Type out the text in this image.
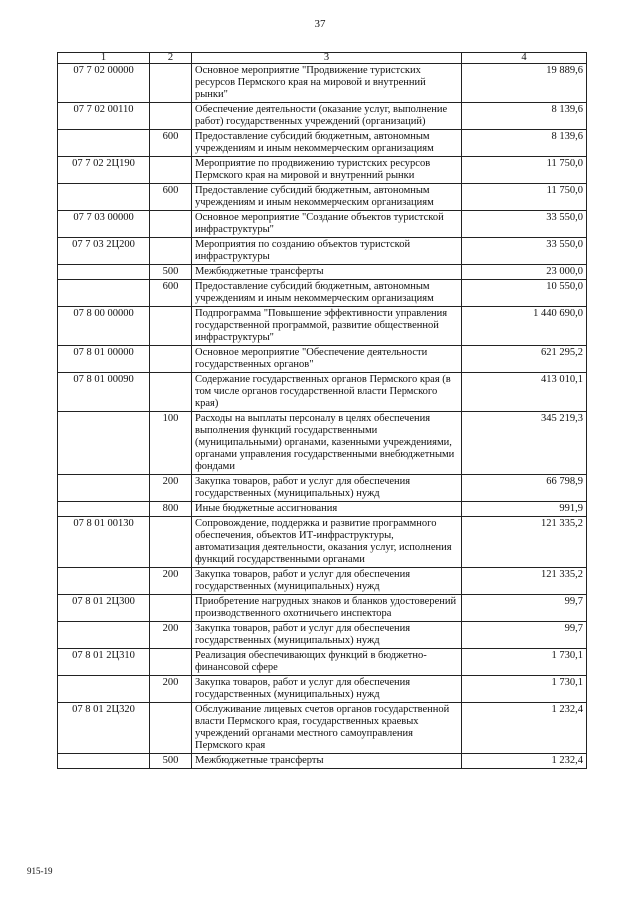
37
1	2	3	4
07 7 02 00000		Основное мероприятие "Продвижение туристских ресурсов Пермского края на мировой и внутренний рынки"	19 889,6
07 7 02 00110		Обеспечение деятельности (оказание услуг, выполнение работ) государственных учреждений (организаций)	8 139,6
	600	Предоставление субсидий бюджетным, автономным учреждениям и иным некоммерческим организациям	8 139,6
07 7 02 2Ц190		Мероприятие по продвижению туристских ресурсов Пермского края на мировой и внутренний рынки	11 750,0
	600	Предоставление субсидий бюджетным, автономным учреждениям и иным некоммерческим организациям	11 750,0
07 7 03 00000		Основное мероприятие "Создание объектов туристской инфраструктуры"	33 550,0
07 7 03 2Ц200		Мероприятия по созданию объектов туристской инфраструктуры	33 550,0
	500	Межбюджетные трансферты	23 000,0
	600	Предоставление субсидий бюджетным, автономным учреждениям и иным некоммерческим организациям	10 550,0
07 8 00 00000		Подпрограмма "Повышение эффективности управления государственной программой, развитие общественной инфраструктуры"	1 440 690,0
07 8 01 00000		Основное мероприятие "Обеспечение деятельности государственных органов"	621 295,2
07 8 01 00090		Содержание государственных органов Пермского края (в том числе органов государственной власти Пермского края)	413 010,1
	100	Расходы на выплаты персоналу в целях обеспечения выполнения функций государственными (муниципальными) органами, казенными учреждениями, органами управления государственными внебюджетными фондами	345 219,3
	200	Закупка товаров, работ и услуг для обеспечения государственных (муниципальных) нужд	66 798,9
	800	Иные бюджетные ассигнования	991,9
07 8 01 00130		Сопровождение, поддержка и развитие программного обеспечения, объектов ИТ-инфраструктуры, автоматизация деятельности, оказания услуг, исполнения функций государственными органами	121 335,2
	200	Закупка товаров, работ и услуг для обеспечения государственных (муниципальных) нужд	121 335,2
07 8 01 2Ц300		Приобретение нагрудных знаков и бланков удостоверений производственного охотничьего инспектора	99,7
	200	Закупка товаров, работ и услуг для обеспечения государственных (муниципальных) нужд	99,7
07 8 01 2Ц310		Реализация обеспечивающих функций в бюджетно-финансовой сфере	1 730,1
	200	Закупка товаров, работ и услуг для обеспечения государственных (муниципальных) нужд	1 730,1
07 8 01 2Ц320		Обслуживание лицевых счетов органов государственной власти Пермского края, государственных краевых учреждений органами местного самоуправления Пермского края	1 232,4
	500	Межбюджетные трансферты	1 232,4
915-19
